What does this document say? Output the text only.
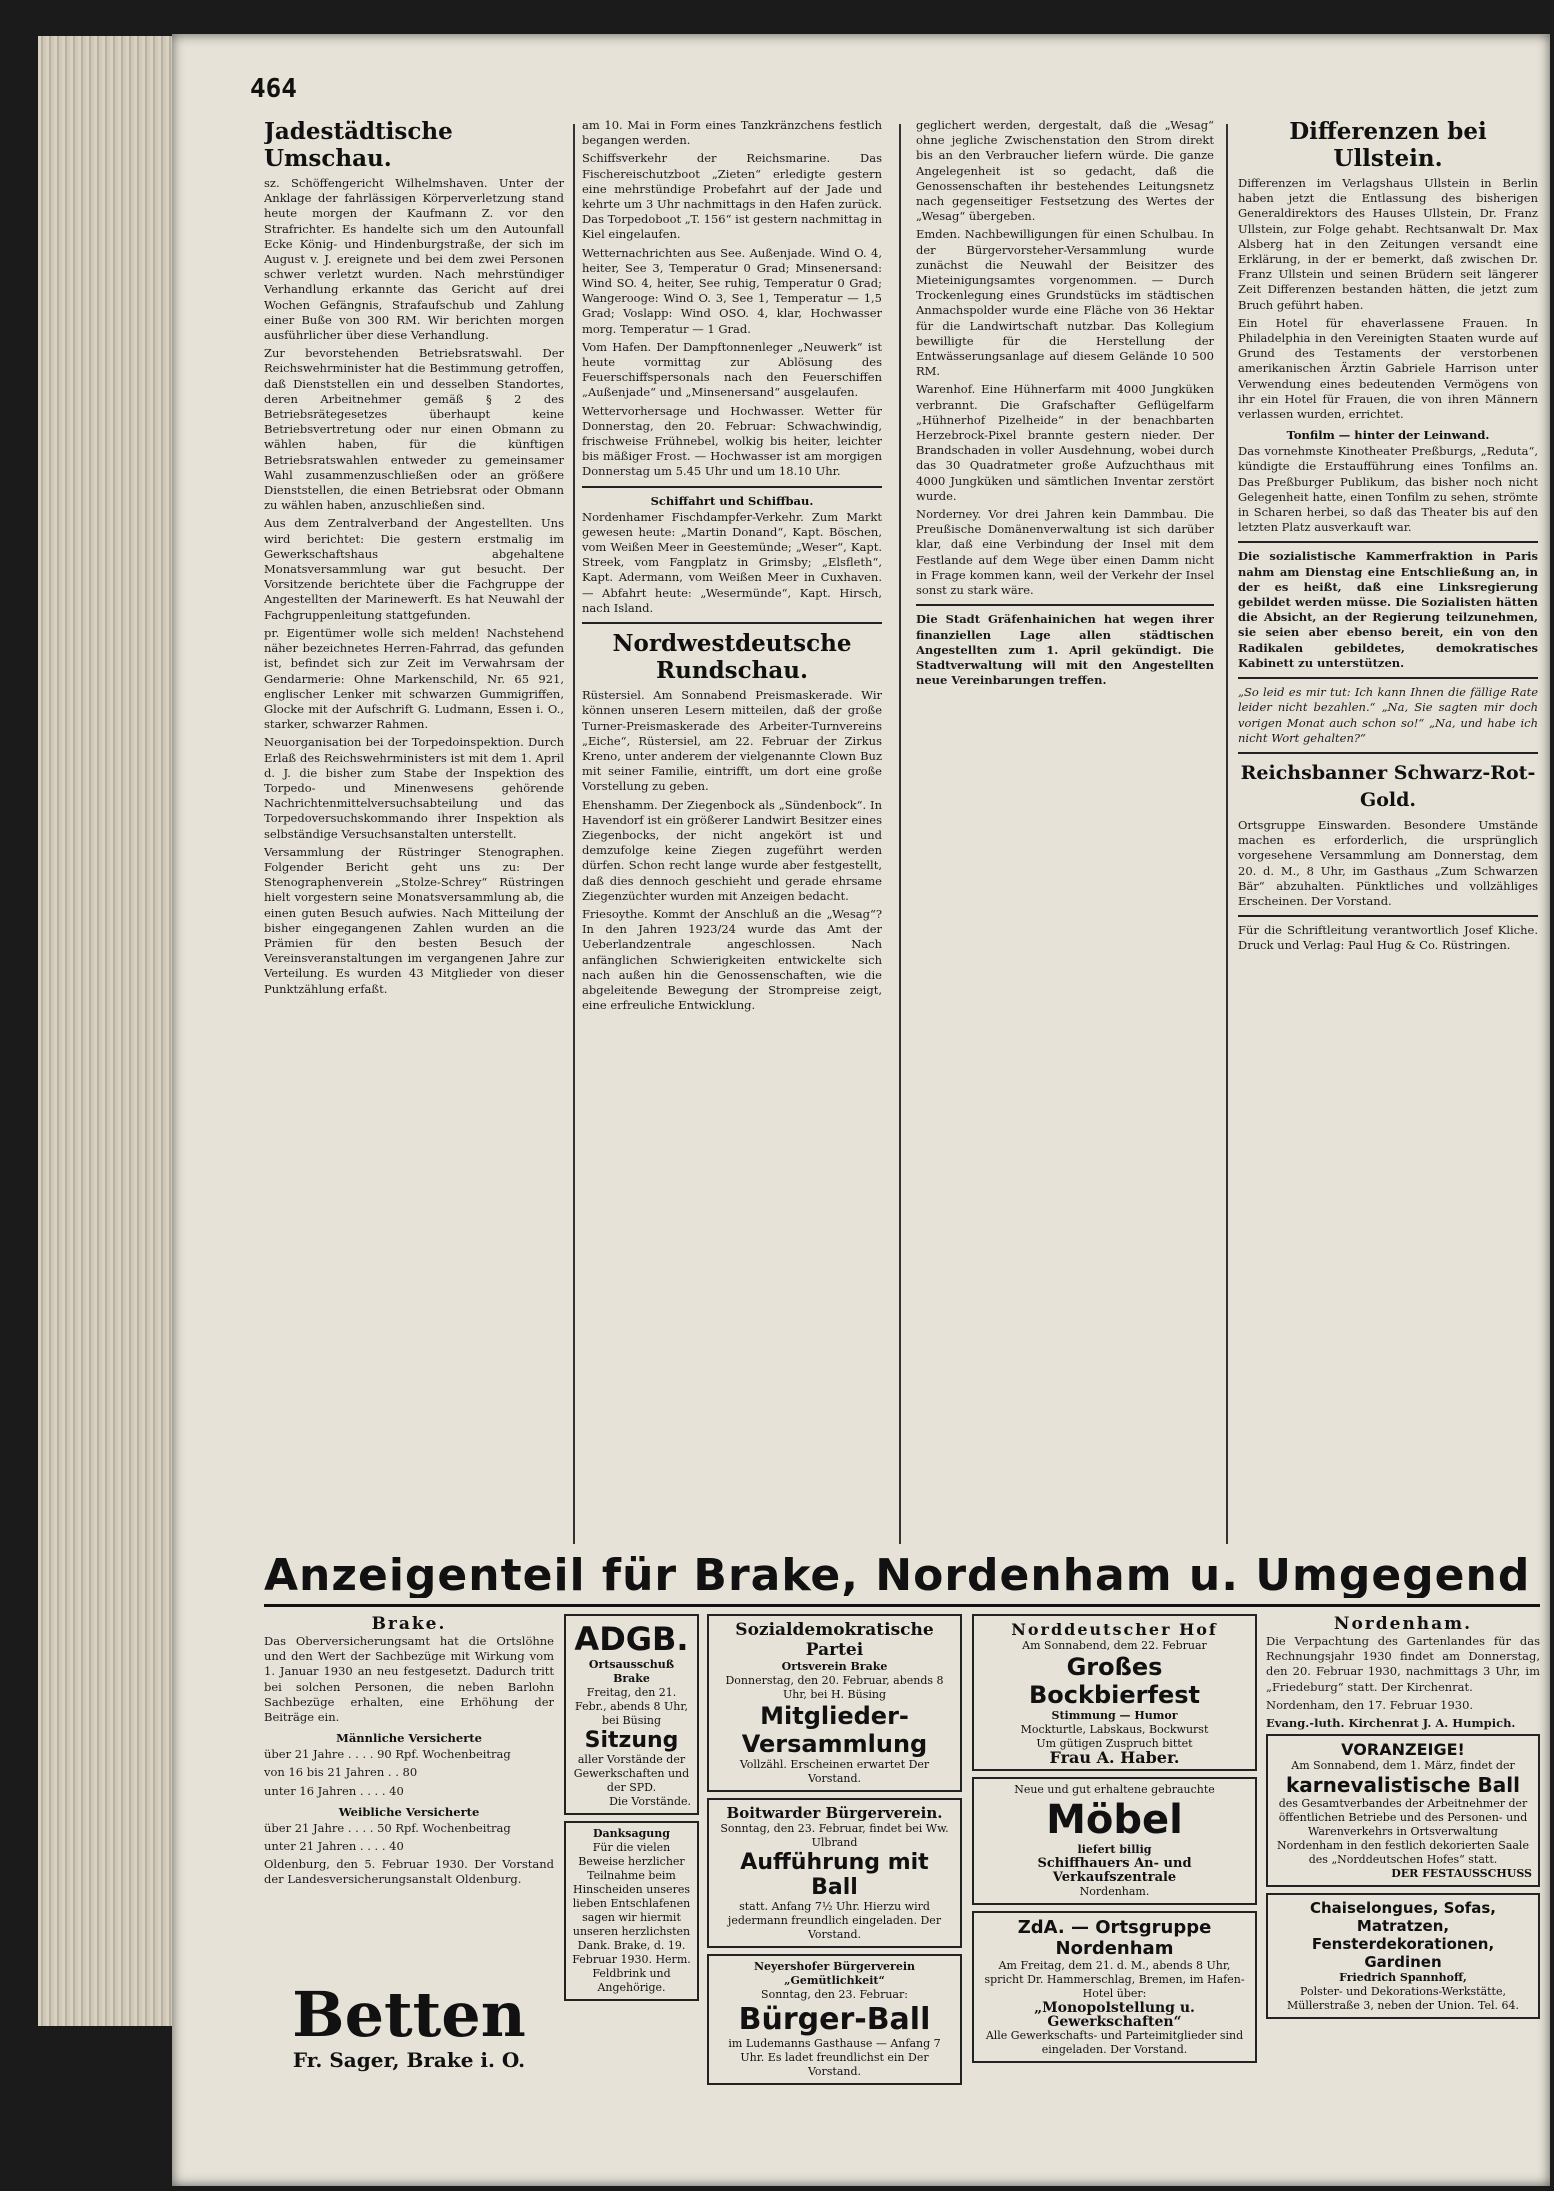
464
Jadestädtische Umschau.

sz. Schöffengericht Wilhelmshaven. Unter der Anklage der fahrlässigen Körperverletzung stand heute morgen der Kaufmann Z. vor den Strafrichter. Es handelte sich um den Autounfall Ecke König- und Hindenburgstraße, der sich im August v. J. ereignete und bei dem zwei Personen schwer verletzt wurden. Nach mehrstündiger Verhandlung erkannte das Gericht auf drei Wochen Gefängnis, Strafaufschub und Zahlung einer Buße von 300 RM. Wir berichten morgen ausführlicher über diese Verhandlung.

Zur bevorstehenden Betriebsratswahl. Der Reichswehrminister hat die Bestimmung getroffen, daß Dienststellen ein und desselben Standortes, deren Arbeitnehmer gemäß § 2 des Betriebsrätegesetzes überhaupt keine Betriebsvertretung oder nur einen Obmann zu wählen haben, für die künftigen Betriebsratswahlen entweder zu gemeinsamer Wahl zusammenzuschließen oder an größere Dienststellen, die einen Betriebsrat oder Obmann zu wählen haben, anzuschließen sind.

Aus dem Zentralverband der Angestellten. Uns wird berichtet: Die gestern erstmalig im Gewerkschaftshaus abgehaltene Monatsversammlung war gut besucht. Der Vorsitzende berichtete über die Fachgruppe der Angestellten der Marinewerft. Es hat Neuwahl der Fachgruppenleitung stattgefunden.

pr. Eigentümer wolle sich melden! Nachstehend näher bezeichnetes Herren-Fahrrad, das gefunden ist, befindet sich zur Zeit im Verwahrsam der Gendarmerie: Ohne Markenschild, Nr. 65 921, englischer Lenker mit schwarzen Gummigriffen, Glocke mit der Aufschrift G. Ludmann, Essen i. O., starker, schwarzer Rahmen.

Neuorganisation bei der Torpedoinspektion. Durch Erlaß des Reichswehrministers ist mit dem 1. April d. J. die bisher zum Stabe der Inspektion des Torpedo- und Minenwesens gehörende Nachrichtenmittelversuchsabteilung und das Torpedoversuchskommando ihrer Inspektion als selbständige Versuchsanstalten unterstellt.

Versammlung der Rüstringer Stenographen. Folgender Bericht geht uns zu: Der Stenographenverein „Stolze-Schrey“ Rüstringen hielt vorgestern seine Monatsversammlung ab, die einen guten Besuch aufwies. Nach Mitteilung der bisher eingegangenen Zahlen wurden an die Prämien für den besten Besuch der Vereinsveranstaltungen im vergangenen Jahre zur Verteilung. Es wurden 43 Mitglieder von dieser Punktzählung erfaßt.

am 10. Mai in Form eines Tanzkränzchens festlich begangen werden.

Schiffsverkehr der Reichsmarine. Das Fischereischutzboot „Zieten“ erledigte gestern eine mehrstündige Probefahrt auf der Jade und kehrte um 3 Uhr nachmittags in den Hafen zurück. Das Torpedoboot „T. 156“ ist gestern nachmittag in Kiel eingelaufen.

Wetternachrichten aus See. Außenjade. Wind O. 4, heiter, See 3, Temperatur 0 Grad; Minsenersand: Wind SO. 4, heiter, See ruhig, Temperatur 0 Grad; Wangerooge: Wind O. 3, See 1, Temperatur — 1,5 Grad; Voslapp: Wind OSO. 4, klar, Hochwasser morg. Temperatur — 1 Grad.

Vom Hafen. Der Dampftonnenleger „Neuwerk“ ist heute vormittag zur Ablösung des Feuerschiffspersonals nach den Feuerschiffen „Außenjade“ und „Minsenersand“ ausgelaufen.

Wettervorhersage und Hochwasser. Wetter für Donnerstag, den 20. Februar: Schwachwindig, frischweise Frühnebel, wolkig bis heiter, leichter bis mäßiger Frost. — Hochwasser ist am morgigen Donnerstag um 5.45 Uhr und um 18.10 Uhr.

Schiffahrt und Schiffbau.

Nordenhamer Fischdampfer-Verkehr. Zum Markt gewesen heute: „Martin Donand“, Kapt. Böschen, vom Weißen Meer in Geestemünde; „Weser“, Kapt. Streek, vom Fangplatz in Grimsby; „Elsfleth“, Kapt. Adermann, vom Weißen Meer in Cuxhaven. — Abfahrt heute: „Wesermünde“, Kapt. Hirsch, nach Island.

Nordwestdeutsche Rundschau.

Rüstersiel. Am Sonnabend Preismaskerade. Wir können unseren Lesern mitteilen, daß der große Turner-Preismaskerade des Arbeiter-Turnvereins „Eiche“, Rüstersiel, am 22. Februar der Zirkus Kreno, unter anderem der vielgenannte Clown Buz mit seiner Familie, eintrifft, um dort eine große Vorstellung zu geben.

Ehenshamm. Der Ziegenbock als „Sündenbock“. In Havendorf ist ein größerer Landwirt Besitzer eines Ziegenbocks, der nicht angekört ist und demzufolge keine Ziegen zugeführt werden dürfen. Schon recht lange wurde aber festgestellt, daß dies dennoch geschieht und gerade ehrsame Ziegenzüchter wurden mit Anzeigen bedacht.

Friesoythe. Kommt der Anschluß an die „Wesag“? In den Jahren 1923/24 wurde das Amt der Ueberlandzentrale angeschlossen. Nach anfänglichen Schwierigkeiten entwickelte sich nach außen hin die Genossenschaften, wie die abgeleitende Bewegung der Strompreise zeigt, eine erfreuliche Entwicklung.

geglichert werden, dergestalt, daß die „Wesag“ ohne jegliche Zwischenstation den Strom direkt bis an den Verbraucher liefern würde. Die ganze Angelegenheit ist so gedacht, daß die Genossenschaften ihr bestehendes Leitungsnetz nach gegenseitiger Festsetzung des Wertes der „Wesag“ übergeben.

Emden. Nachbewilligungen für einen Schulbau. In der Bürgervorsteher-Versammlung wurde zunächst die Neuwahl der Beisitzer des Mieteinigungsamtes vorgenommen. — Durch Trockenlegung eines Grundstücks im städtischen Anmachspolder wurde eine Fläche von 36 Hektar für die Landwirtschaft nutzbar. Das Kollegium bewilligte für die Herstellung der Entwässerungsanlage auf diesem Gelände 10 500 RM.

Warenhof. Eine Hühnerfarm mit 4000 Jungküken verbrannt. Die Grafschafter Geflügelfarm „Hühnerhof Pizelheide“ in der benachbarten Herzebrock-Pixel brannte gestern nieder. Der Brandschaden in voller Ausdehnung, wobei durch das 30 Quadratmeter große Aufzuchthaus mit 4000 Jungküken und sämtlichen Inventar zerstört wurde.

Norderney. Vor drei Jahren kein Dammbau. Die Preußische Domänenverwaltung ist sich darüber klar, daß eine Verbindung der Insel mit dem Festlande auf dem Wege über einen Damm nicht in Frage kommen kann, weil der Verkehr der Insel sonst zu stark wäre.

Die Stadt Gräfenhainichen hat wegen ihrer finanziellen Lage allen städtischen Angestellten zum 1. April gekündigt. Die Stadtverwaltung will mit den Angestellten neue Vereinbarungen treffen.

Differenzen bei Ullstein.

Differenzen im Verlagshaus Ullstein in Berlin haben jetzt die Entlassung des bisherigen Generaldirektors des Hauses Ullstein, Dr. Franz Ullstein, zur Folge gehabt. Rechtsanwalt Dr. Max Alsberg hat in den Zeitungen versandt eine Erklärung, in der er bemerkt, daß zwischen Dr. Franz Ullstein und seinen Brüdern seit längerer Zeit Differenzen bestanden hätten, die jetzt zum Bruch geführt haben.

Ein Hotel für ehaverlassene Frauen. In Philadelphia in den Vereinigten Staaten wurde auf Grund des Testaments der verstorbenen amerikanischen Ärztin Gabriele Harrison unter Verwendung eines bedeutenden Vermögens von ihr ein Hotel für Frauen, die von ihren Männern verlassen wurden, errichtet.

Tonfilm — hinter der Leinwand.

Das vornehmste Kinotheater Preßburgs, „Reduta“, kündigte die Erstaufführung eines Tonfilms an. Das Preßburger Publikum, das bisher noch nicht Gelegenheit hatte, einen Tonfilm zu sehen, strömte in Scharen herbei, so daß das Theater bis auf den letzten Platz ausverkauft war.

Die sozialistische Kammerfraktion in Paris nahm am Dienstag eine Entschließung an, in der es heißt, daß eine Linksregierung gebildet werden müsse. Die Sozialisten hätten die Absicht, an der Regierung teilzunehmen, sie seien aber ebenso bereit, ein von den Radikalen gebildetes, demokratisches Kabinett zu unterstützen.

„So leid es mir tut: Ich kann Ihnen die fällige Rate leider nicht bezahlen.“ „Na, Sie sagten mir doch vorigen Monat auch schon so!“ „Na, und habe ich nicht Wort gehalten?“

Reichsbanner Schwarz-Rot-Gold.

Ortsgruppe Einswarden. Besondere Umstände machen es erforderlich, die ursprünglich vorgesehene Versammlung am Donnerstag, dem 20. d. M., 8 Uhr, im Gasthaus „Zum Schwarzen Bär“ abzuhalten. Pünktliches und vollzähliges Erscheinen. Der Vorstand.

Für die Schriftleitung verantwortlich Josef Kliche. Druck und Verlag: Paul Hug & Co. Rüstringen.

Anzeigenteil für Brake, Nordenham u. Umgegend
Brake.

Das Oberversicherungsamt hat die Ortslöhne und den Wert der Sachbezüge mit Wirkung vom 1. Januar 1930 an neu festgesetzt. Dadurch tritt bei solchen Personen, die neben Barlohn Sachbezüge erhalten, eine Erhöhung der Beiträge ein.

Männliche Versicherte

über 21 Jahre . . . . 90 Rpf. Wochenbeitrag

von 16 bis 21 Jahren . . 80

unter 16 Jahren . . . . 40

Weibliche Versicherte

über 21 Jahre . . . . 50 Rpf. Wochenbeitrag

unter 21 Jahren . . . . 40

Oldenburg, den 5. Februar 1930. Der Vorstand der Landesversicherungsanstalt Oldenburg.

Betten
Fr. Sager, Brake i. O.
ADGB.
Ortsausschuß Brake
Freitag, den 21. Febr., abends 8 Uhr, bei Büsing
Sitzung
aller Vorstände der Gewerkschaften und der SPD.
Die Vorstände.
Danksagung
Für die vielen Beweise herzlicher Teilnahme beim Hinscheiden unseres lieben Entschlafenen sagen wir hiermit unseren herzlichsten Dank. Brake, d. 19. Februar 1930. Herm. Feldbrink und Angehörige.
Sozialdemokratische Partei
Ortsverein Brake
Donnerstag, den 20. Februar, abends 8 Uhr, bei H. Büsing
Mitglieder-Versammlung
Vollzähl. Erscheinen erwartet Der Vorstand.
Boitwarder Bürgerverein.
Sonntag, den 23. Februar, findet bei Ww. Ulbrand
Aufführung mit Ball
statt. Anfang 7½ Uhr. Hierzu wird jedermann freundlich eingeladen. Der Vorstand.
Neyershofer Bürgerverein „Gemütlichkeit“
Sonntag, den 23. Februar:
Bürger-Ball
im Ludemanns Gasthause — Anfang 7 Uhr. Es ladet freundlichst ein Der Vorstand.
Norddeutscher Hof
Am Sonnabend, dem 22. Februar
Großes Bockbierfest
Stimmung — Humor
Mockturtle, Labskaus, Bockwurst
Um gütigen Zuspruch bittet
Frau A. Haber.
Neue und gut erhaltene gebrauchte
Möbel
liefert billig
Schiffhauers An- und Verkaufszentrale
Nordenham.
ZdA. — Ortsgruppe Nordenham
Am Freitag, dem 21. d. M., abends 8 Uhr, spricht Dr. Hammerschlag, Bremen, im Hafen-Hotel über:
„Monopolstellung u. Gewerkschaften“
Alle Gewerkschafts- und Parteimitglieder sind eingeladen. Der Vorstand.
Nordenham.

Die Verpachtung des Gartenlandes für das Rechnungsjahr 1930 findet am Donnerstag, den 20. Februar 1930, nachmittags 3 Uhr, im „Friedeburg“ statt. Der Kirchenrat.

Nordenham, den 17. Februar 1930.

Evang.-luth. Kirchenrat J. A. Humpich.

VORANZEIGE!
Am Sonnabend, dem 1. März, findet der
karnevalistische Ball
des Gesamtverbandes der Arbeitnehmer der öffentlichen Betriebe und des Personen- und Warenverkehrs in Ortsverwaltung Nordenham in den festlich dekorierten Saale des „Norddeutschen Hofes“ statt.
DER FESTAUSSCHUSS
Chaiselongues, Sofas, Matratzen, Fensterdekorationen, Gardinen
Friedrich Spannhoff,
Polster- und Dekorations-Werkstätte, Müllerstraße 3, neben der Union. Tel. 64.
